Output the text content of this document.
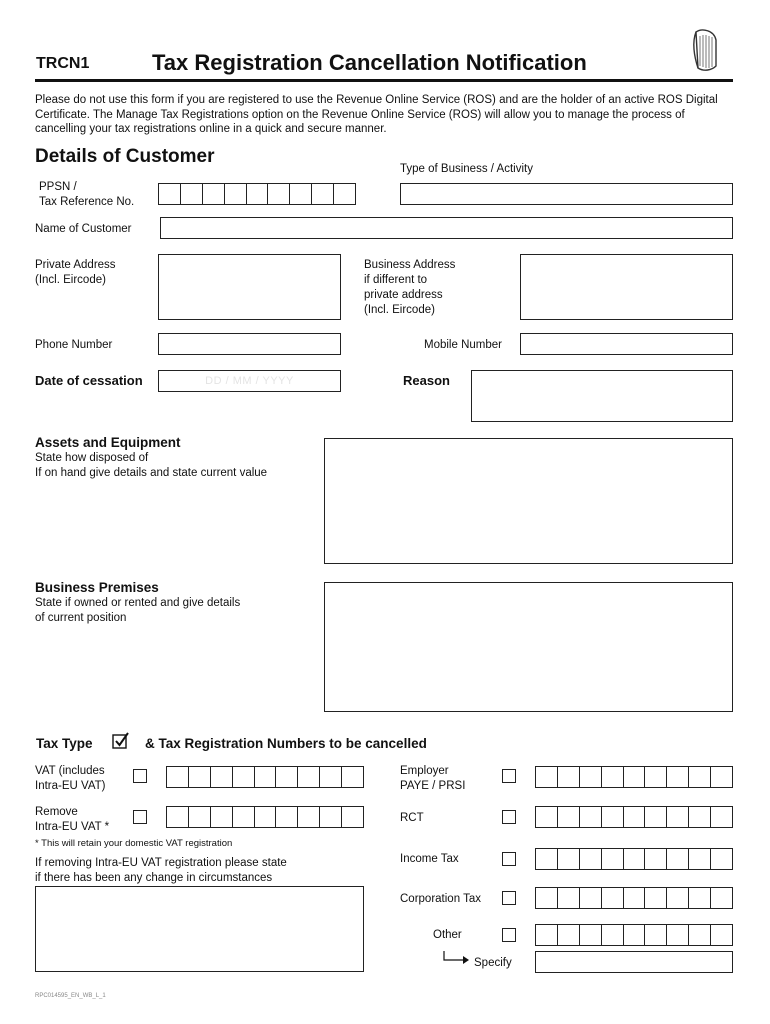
TRCN1	Tax Registration Cancellation Notification
Please do not use this form if you are registered to use the Revenue Online Service (ROS) and are the holder of an active ROS Digital Certificate. The Manage Tax Registrations option on the Revenue Online Service (ROS) will allow you to manage the process of cancelling your tax registrations online in a quick and secure manner.
Details of Customer
PPSN /
Tax Reference No.
Type of Business / Activity
Name of Customer
Private Address
(Incl. Eircode)
Business Address
if different to
private address
(Incl. Eircode)
Phone Number	Mobile Number
Date of cessation	DD / MM / YYYY	Reason
Assets and Equipment
State how disposed of
If on hand give details and state current value
Business Premises
State if owned or rented and give details
of current position
Tax Type	& Tax Registration Numbers to be cancelled
VAT (includes
Intra-EU VAT)
Remove
Intra-EU VAT *
* This will retain your domestic VAT registration
If removing Intra-EU VAT registration please state
if there has been any change in circumstances
Employer
PAYE / PRSI
RCT
Income Tax
Corporation Tax
Other
Specify
RPC014595_EN_WB_L_1
